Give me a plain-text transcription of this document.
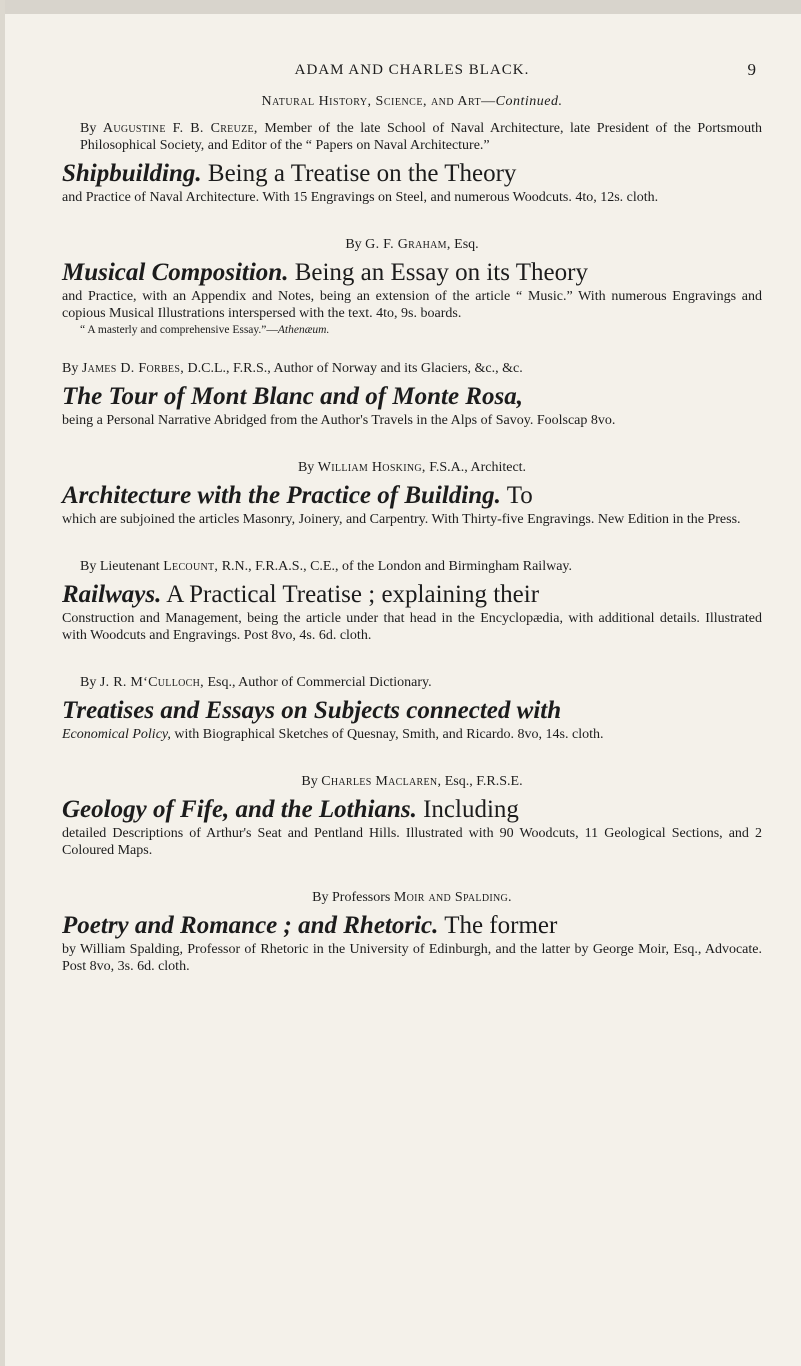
ADAM AND CHARLES BLACK.	9
Natural History, Science, and Art—Continued.
By Augustine F. B. Creuze, Member of the late School of Naval Architecture, late President of the Portsmouth Philosophical Society, and Editor of the “ Papers on Naval Architecture.”
Shipbuilding. Being a Treatise on the Theory
and Practice of Naval Architecture. With 15 Engravings on Steel, and numerous Woodcuts. 4to, 12s. cloth.
By G. F. Graham, Esq.
Musical Composition. Being an Essay on its Theory
and Practice, with an Appendix and Notes, being an extension of the article “ Music.” With numerous Engravings and copious Musical Illustrations interspersed with the text. 4to, 9s. boards.
“ A masterly and comprehensive Essay.”—Athenæum.
By James D. Forbes, D.C.L., F.R.S., Author of Norway and its Glaciers, &c., &c.
The Tour of Mont Blanc and of Monte Rosa,
being a Personal Narrative Abridged from the Author's Travels in the Alps of Savoy. Foolscap 8vo.
By William Hosking, F.S.A., Architect.
Architecture with the Practice of Building. To
which are subjoined the articles Masonry, Joinery, and Carpentry. With Thirty-five Engravings. New Edition in the Press.
By Lieutenant Lecount, R.N., F.R.A.S., C.E., of the London and Birmingham Railway.
Railways. A Practical Treatise ; explaining their
Construction and Management, being the article under that head in the Encyclopædia, with additional details. Illustrated with Woodcuts and Engravings. Post 8vo, 4s. 6d. cloth.
By J. R. M‘Culloch, Esq., Author of Commercial Dictionary.
Treatises and Essays on Subjects connected with
Economical Policy, with Biographical Sketches of Quesnay, Smith, and Ricardo. 8vo, 14s. cloth.
By Charles Maclaren, Esq., F.R.S.E.
Geology of Fife, and the Lothians. Including
detailed Descriptions of Arthur's Seat and Pentland Hills. Illustrated with 90 Woodcuts, 11 Geological Sections, and 2 Coloured Maps.
By Professors Moir and Spalding.
Poetry and Romance ; and Rhetoric. The former
by William Spalding, Professor of Rhetoric in the University of Edinburgh, and the latter by George Moir, Esq., Advocate. Post 8vo, 3s. 6d. cloth.
